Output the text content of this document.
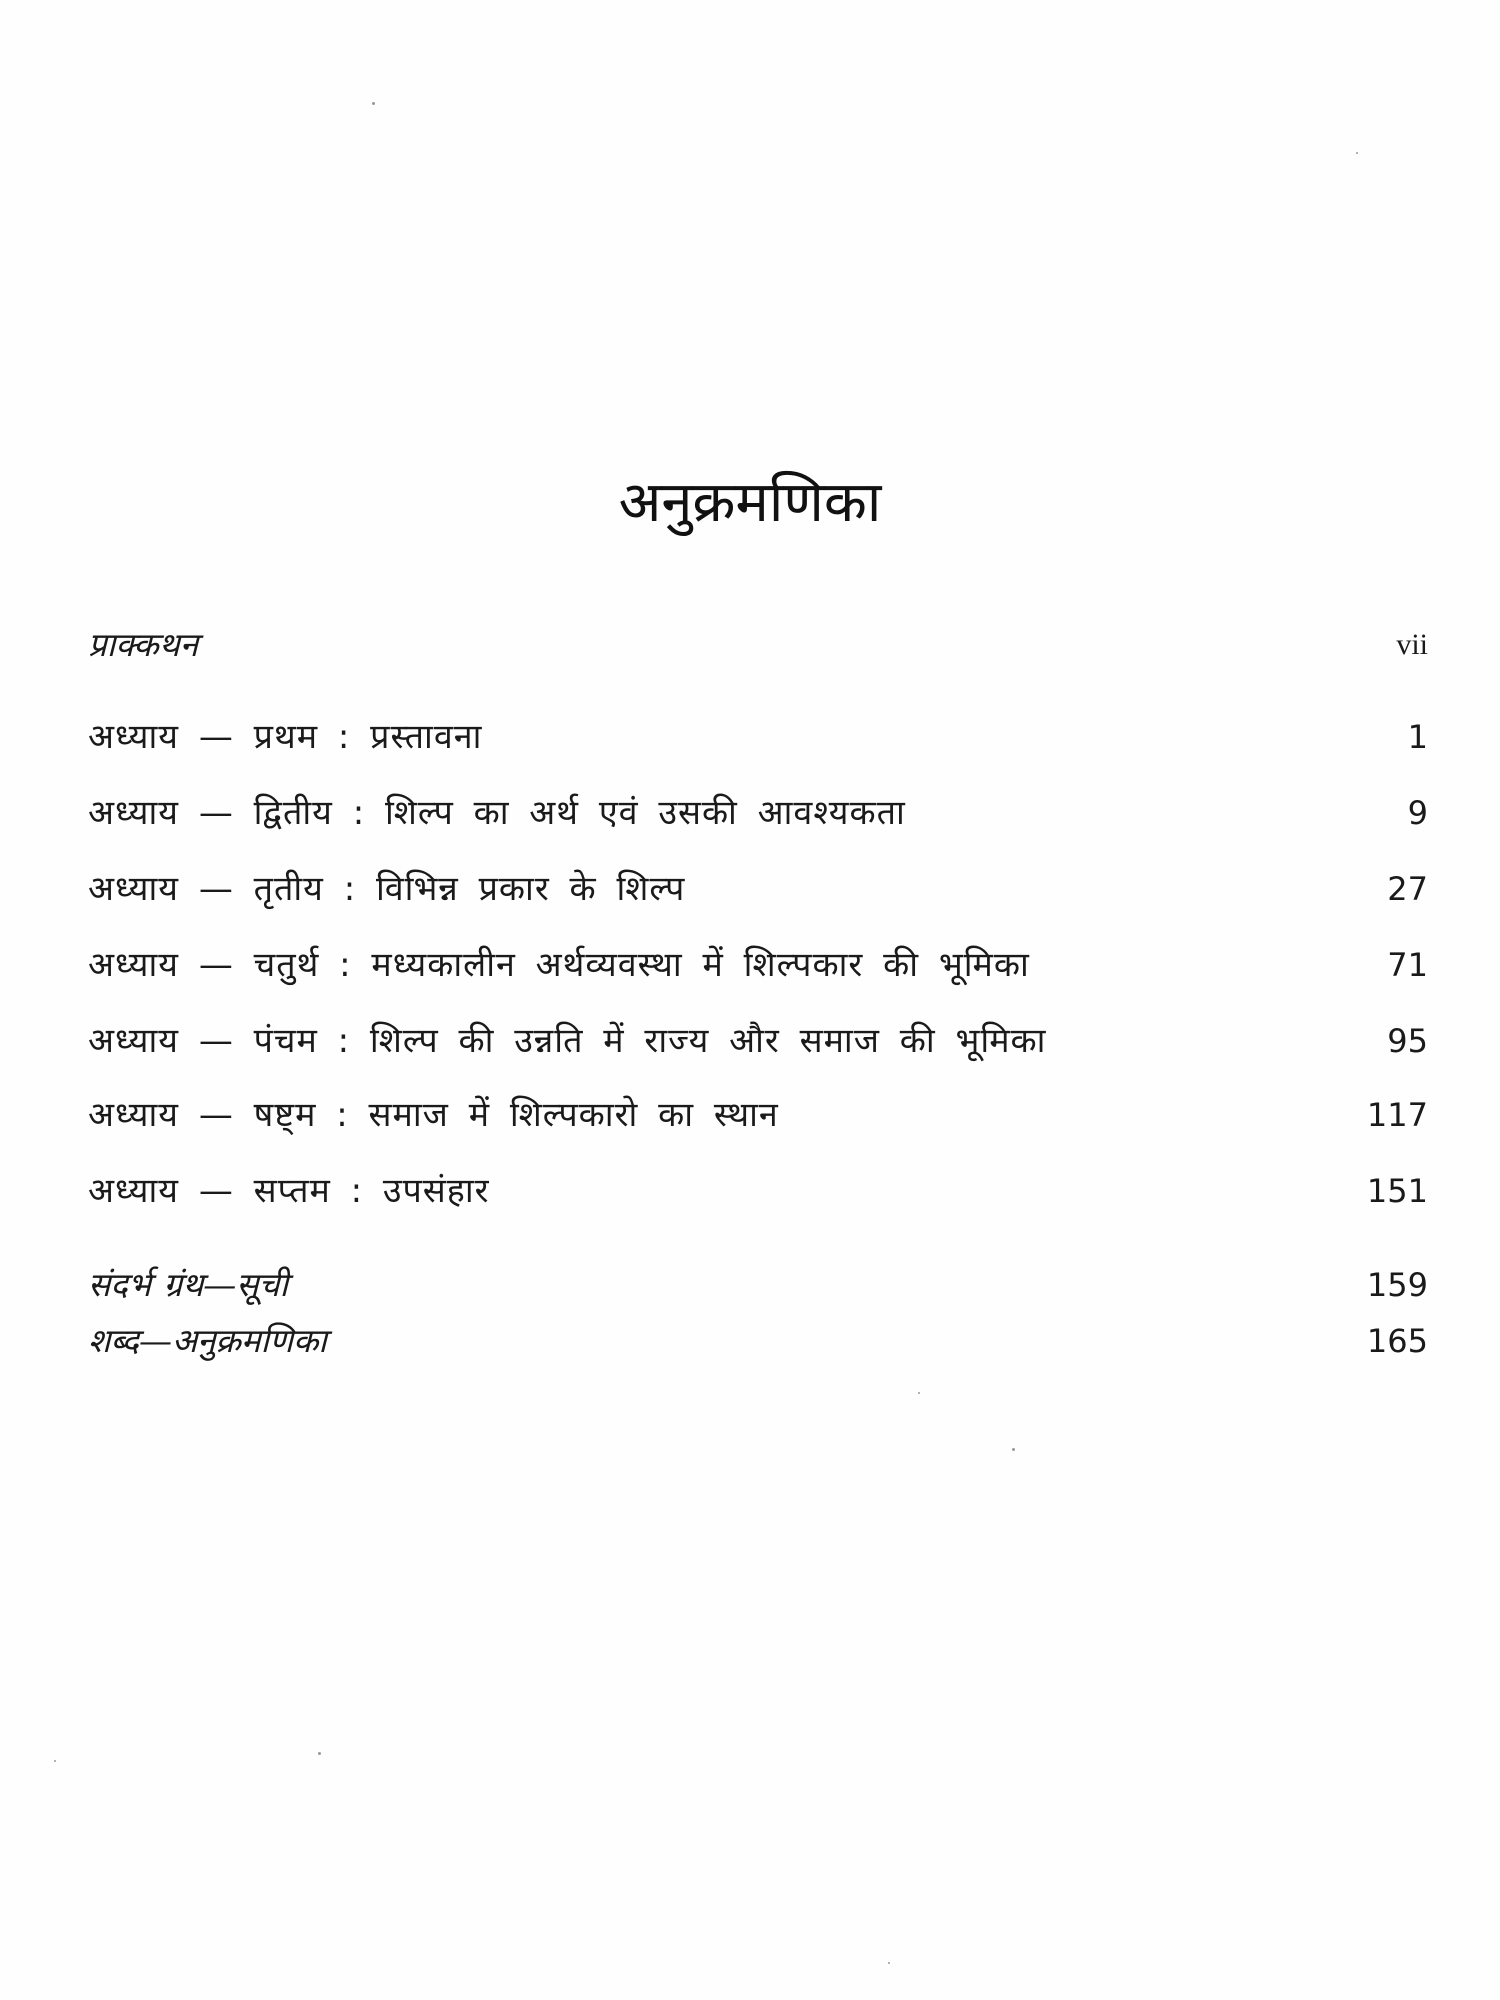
अनुक्रमणिका
प्राक्कथन	vii
अध्याय — प्रथम : प्रस्तावना	1
अध्याय — द्वितीय : शिल्प का अर्थ एवं उसकी आवश्यकता	9
अध्याय — तृतीय : विभिन्न प्रकार के शिल्प	27
अध्याय — चतुर्थ : मध्यकालीन अर्थव्यवस्था में शिल्पकार की भूमिका	71
अध्याय — पंचम : शिल्प की उन्नति में राज्य और समाज की भूमिका	95
अध्याय — षष्ट्म : समाज में शिल्पकारो का स्थान	117
अध्याय — सप्तम : उपसंहार	151
संदर्भ ग्रंथ—सूची	159
शब्द—अनुक्रमणिका	165
